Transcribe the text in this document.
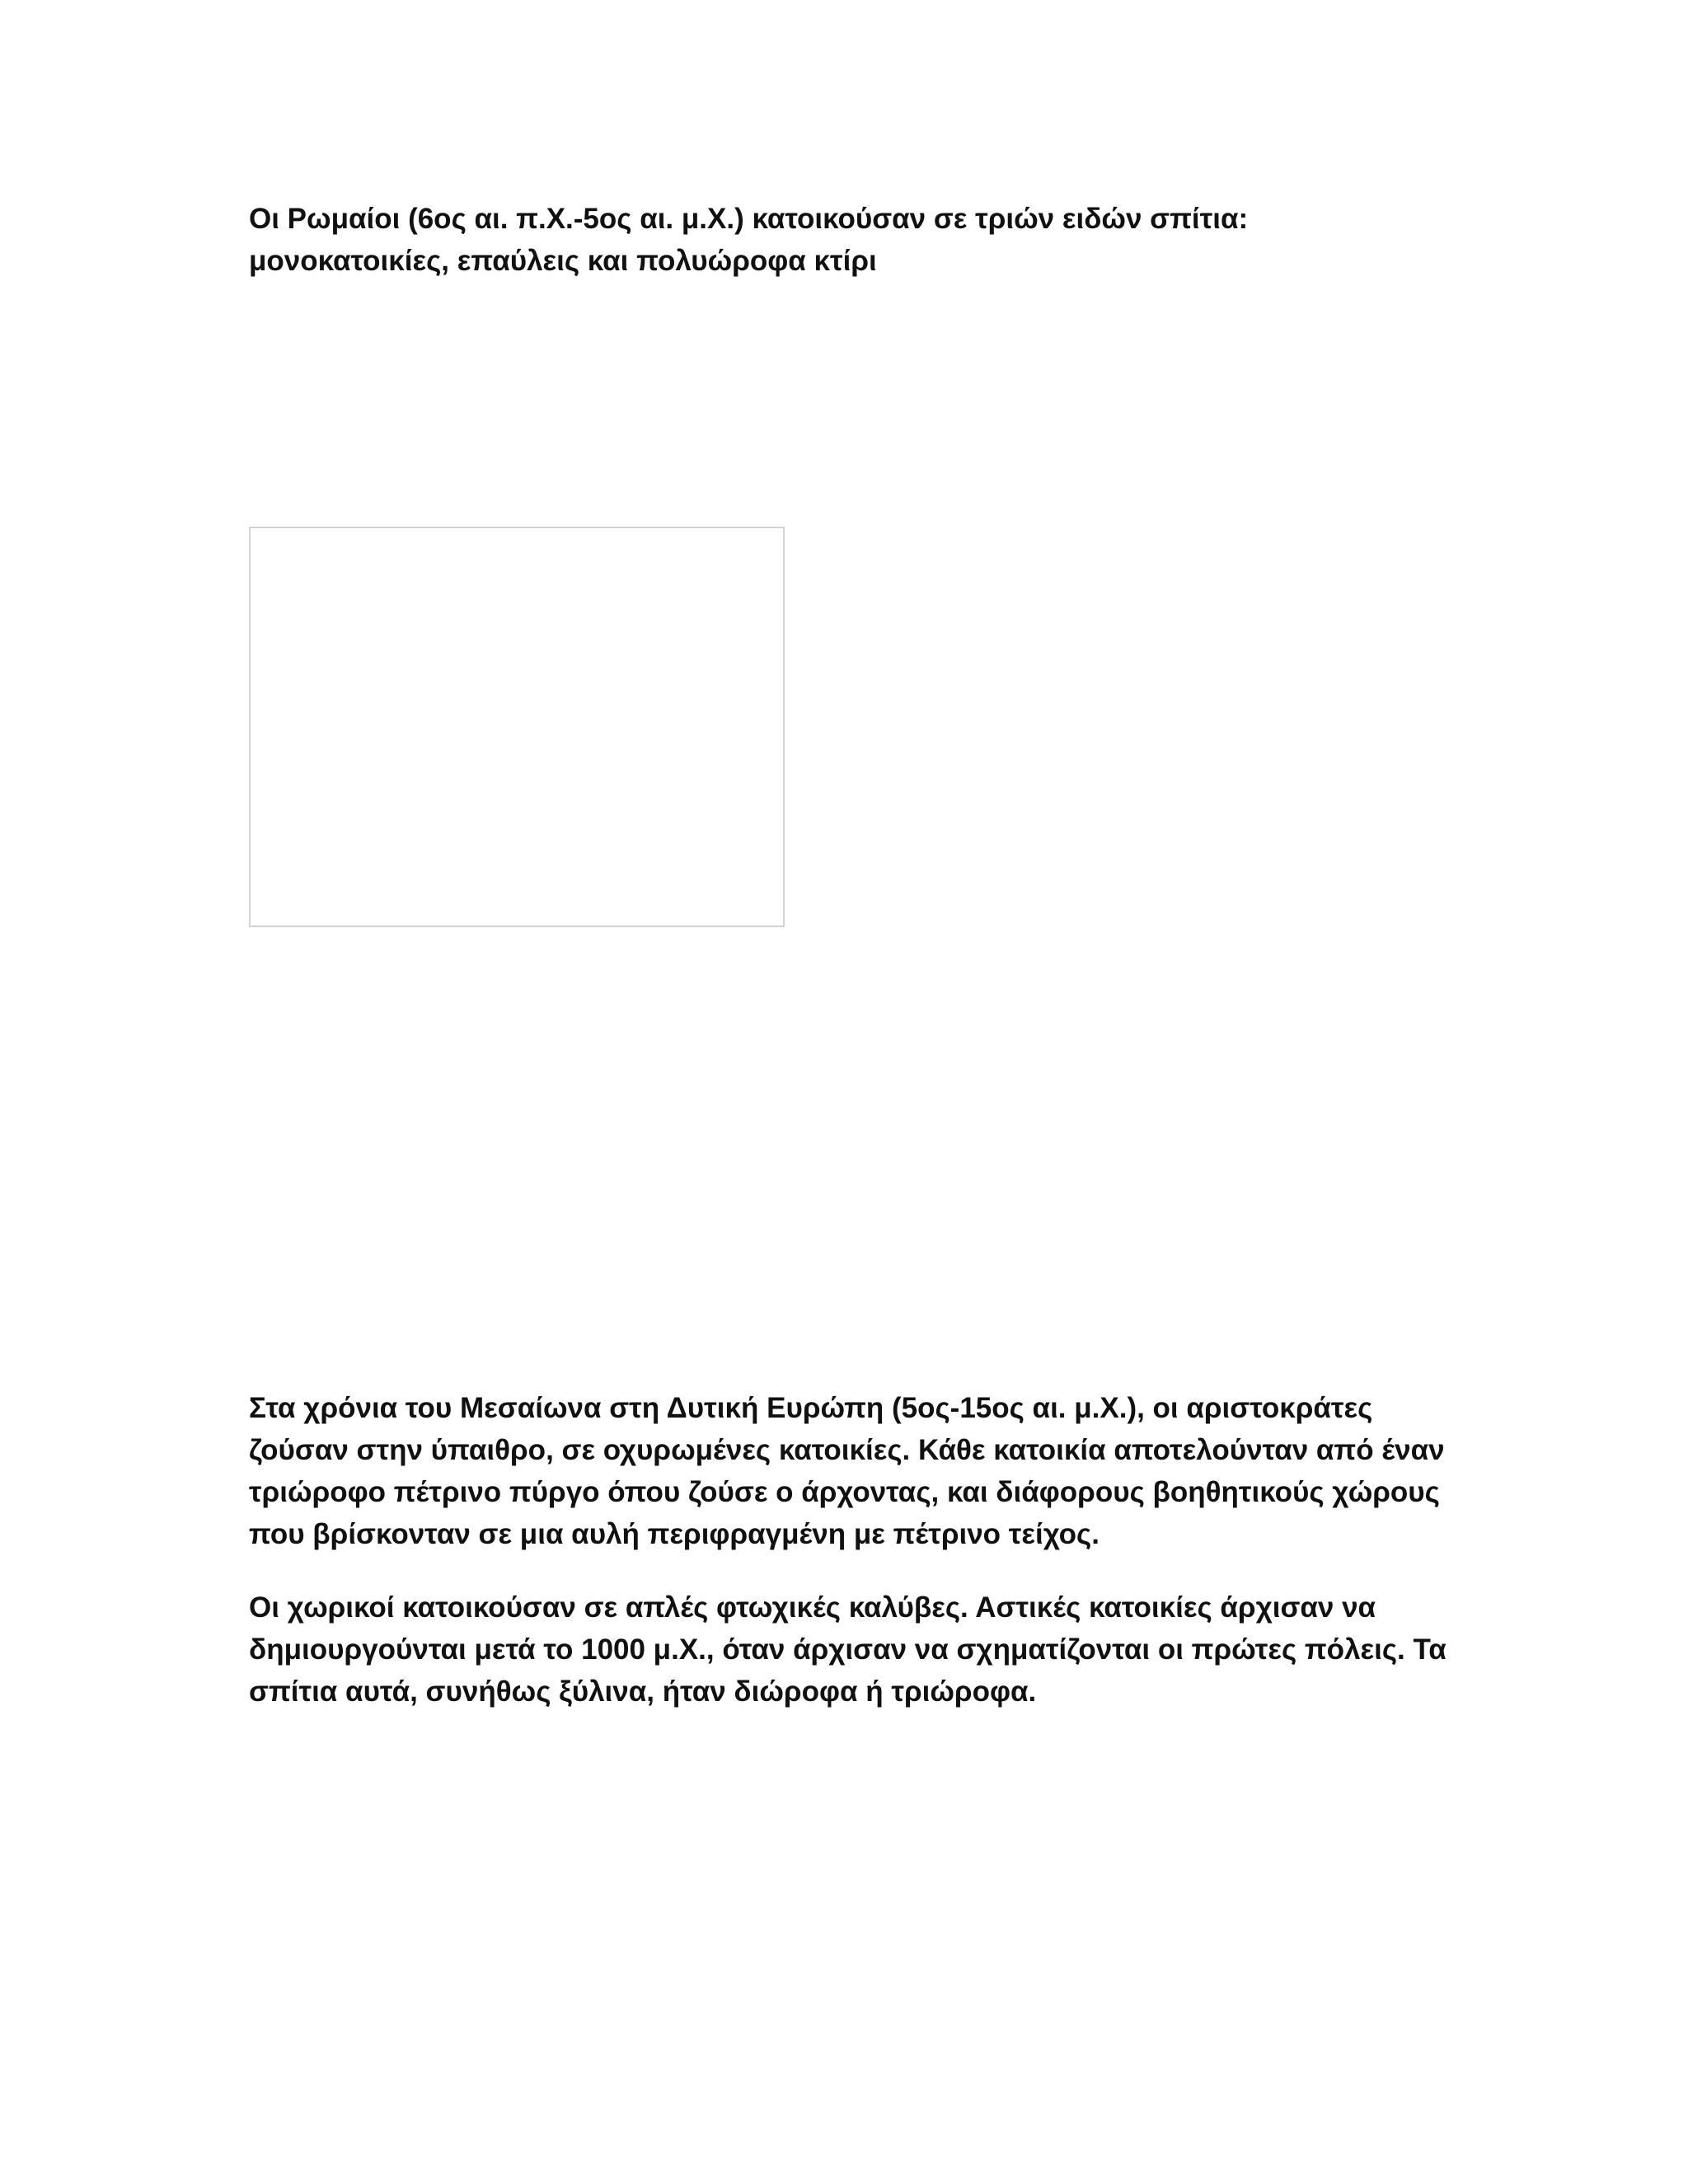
Οι Ρωμαίοι (6ος αι. π.Χ.-5ος αι. μ.Χ.) κατοικούσαν σε τριών ειδών σπίτια: μονοκατοικίες, επαύλεις και πολυώροφα κτίρι

Στα χρόνια του Μεσαίωνα στη Δυτική Ευρώπη (5ος-15ος αι. μ.Χ.), οι αριστοκράτες ζούσαν στην ύπαιθρο, σε οχυρωμένες κατοικίες. Κάθε κατοικία αποτελούνταν από έναν τριώροφο πέτρινο πύργο όπου ζούσε ο άρχοντας, και διάφορους βοηθητικούς χώρους που βρίσκονταν σε μια αυλή περιφραγμένη με πέτρινο τείχος.

Οι χωρικοί κατοικούσαν σε απλές φτωχικές καλύβες. Αστικές κατοικίες άρχισαν να δημιουργούνται μετά το 1000 μ.Χ., όταν άρχισαν να σχηματίζονται οι πρώτες πόλεις. Τα σπίτια αυτά, συνήθως ξύλινα, ήταν διώροφα ή τριώροφα.
